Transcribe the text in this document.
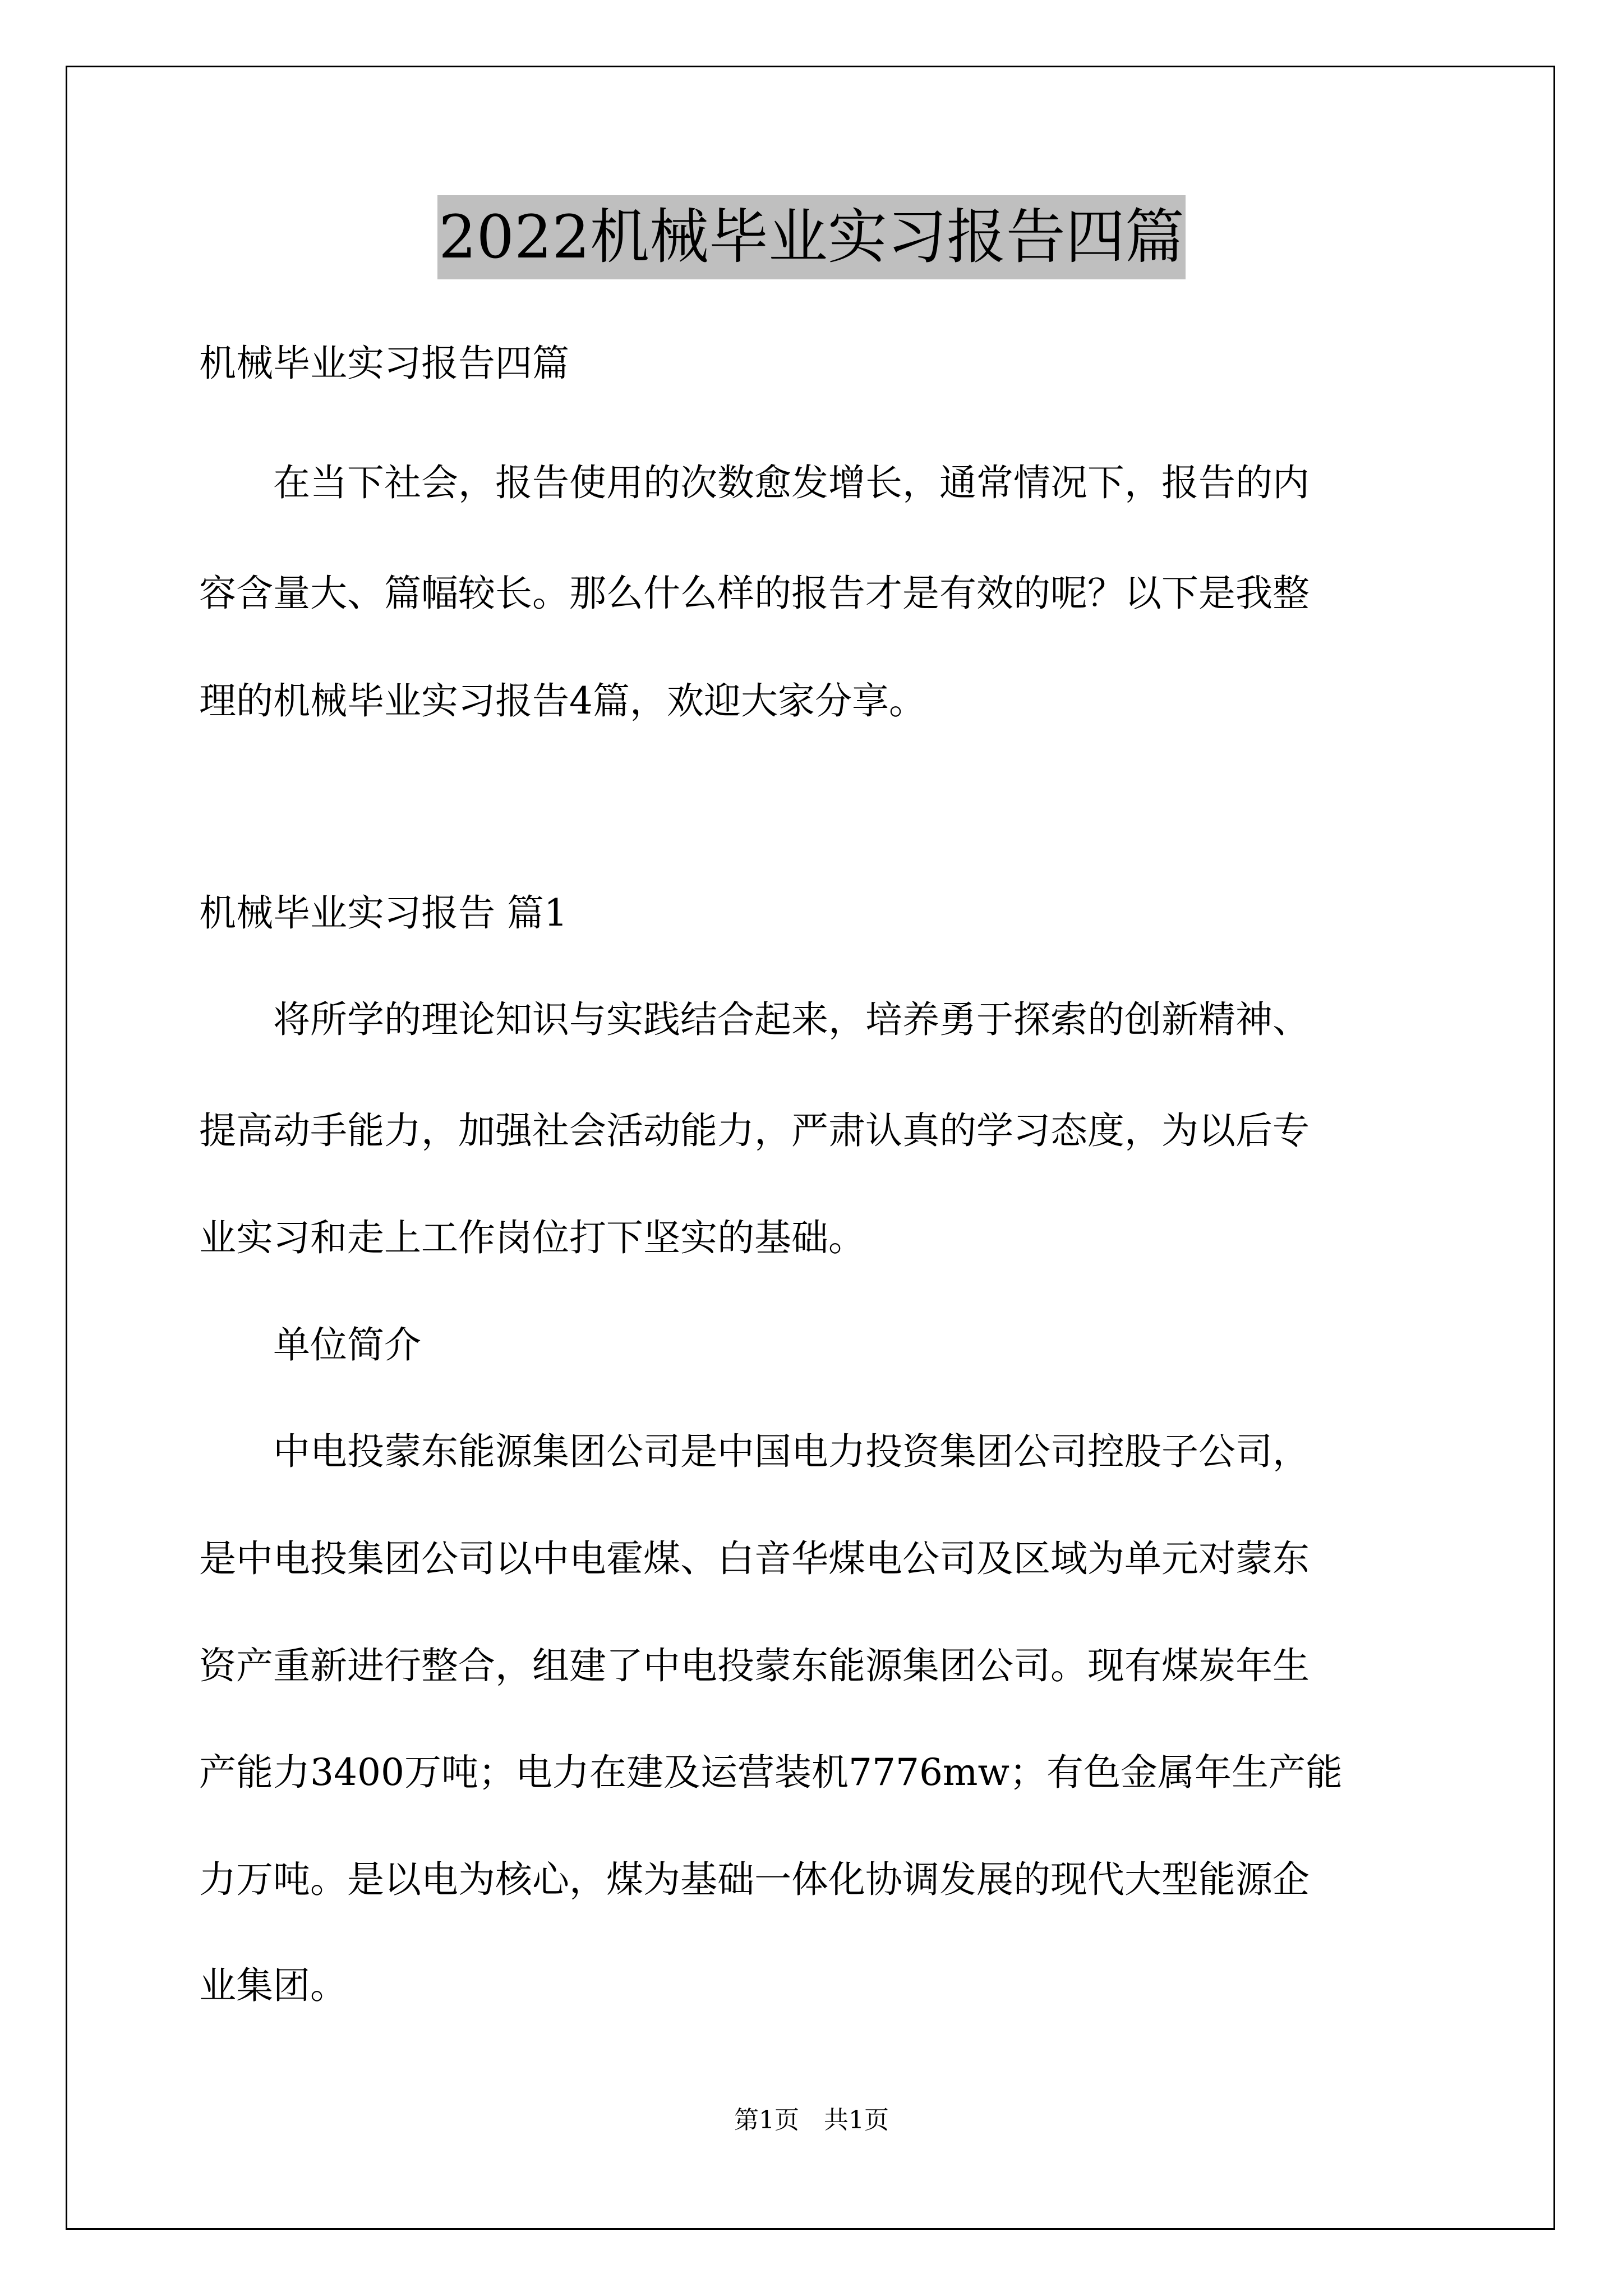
2022机械毕业实习报告四篇
机械毕业实习报告四篇
　　在当下社会，报告使用的次数愈发增长，通常情况下，报告的内
容含量大、篇幅较长。那么什么样的报告才是有效的呢？以下是我整
理的机械毕业实习报告4篇，欢迎大家分享。
机械毕业实习报告 篇1
　　将所学的理论知识与实践结合起来，培养勇于探索的创新精神、
提高动手能力，加强社会活动能力，严肃认真的学习态度，为以后专
业实习和走上工作岗位打下坚实的基础。
　　单位简介
　　中电投蒙东能源集团公司是中国电力投资集团公司控股子公司，
是中电投集团公司以中电霍煤、白音华煤电公司及区域为单元对蒙东
资产重新进行整合，组建了中电投蒙东能源集团公司。现有煤炭年生
产能力3400万吨；电力在建及运营装机7776mw；有色金属年生产能
力万吨。是以电为核心，煤为基础一体化协调发展的现代大型能源企
业集团。
第1页　共1页
